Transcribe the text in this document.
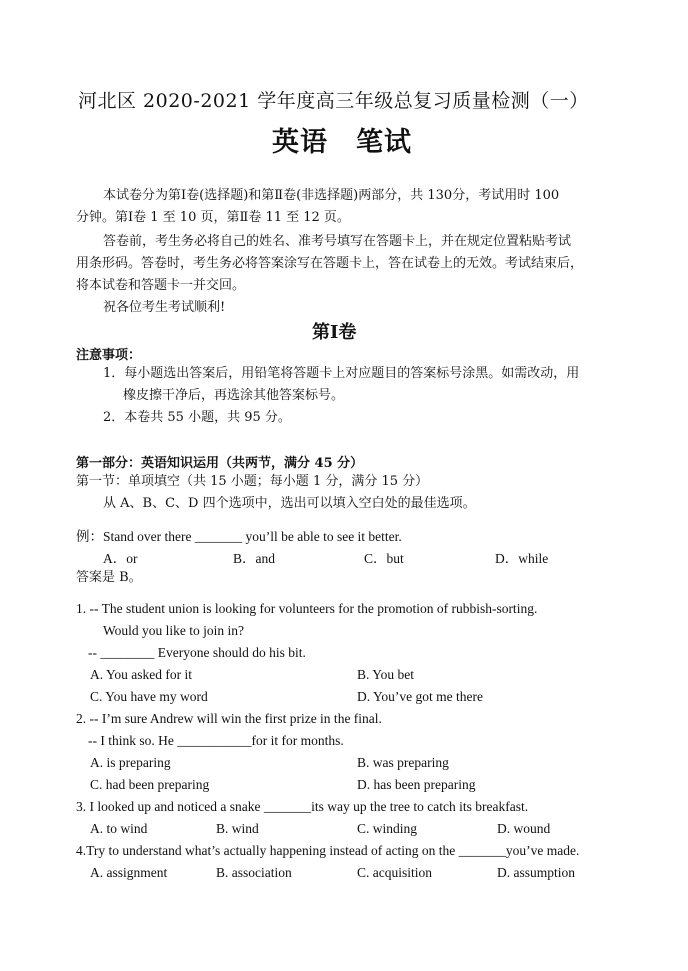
河北区 2020-2021 学年度高三年级总复习质量检测（一）
英语　笔试
本试卷分为第Ⅰ卷(选择题)和第Ⅱ卷(非选择题)两部分，共 130分，考试用时 100
分钟。第Ⅰ卷 1 至 10 页，第Ⅱ卷 11 至 12 页。
答卷前，考生务必将自己的姓名、准考号填写在答题卡上，并在规定位置粘贴考试
用条形码。答卷时，考生务必将答案涂写在答题卡上，答在试卷上的无效。考试结束后，
将本试卷和答题卡一并交回。
祝各位考生考试顺利!
第Ⅰ卷
注意事项：
1．每小题选出答案后，用铅笔将答题卡上对应题目的答案标号涂黑。如需改动，用
橡皮擦干净后，再选涂其他答案标号。
2．本卷共 55 小题，共 95 分。
第一部分：英语知识运用（共两节，满分 45 分）
第一节：单项填空（共 15 小题；每小题 1 分，满分 15 分）
从 A、B、C、D 四个选项中，选出可以填入空白处的最佳选项。
例：Stand over there _______ you’ll be able to see it better.
A．or	B．and	C．but	D．while
答案是 B。
1. -- The student union is looking for volunteers for the promotion of rubbish-sorting.
Would you like to join in?
-- ________ Everyone should do his bit.
A. You asked for it	B. You bet
C. You have my word	D. You’ve got me there
2. -- I’m sure Andrew will win the first prize in the final.
-- I think so. He ___________for it for months.
A. is preparing	B. was preparing
C. had been preparing	D. has been preparing
3. I looked up and noticed a snake _______its way up the tree to catch its breakfast.
A. to wind	B. wind	C. winding	D. wound
4.Try to understand what’s actually happening instead of acting on the _______you’ve made.
A. assignment	B. association	C. acquisition	D. assumption
